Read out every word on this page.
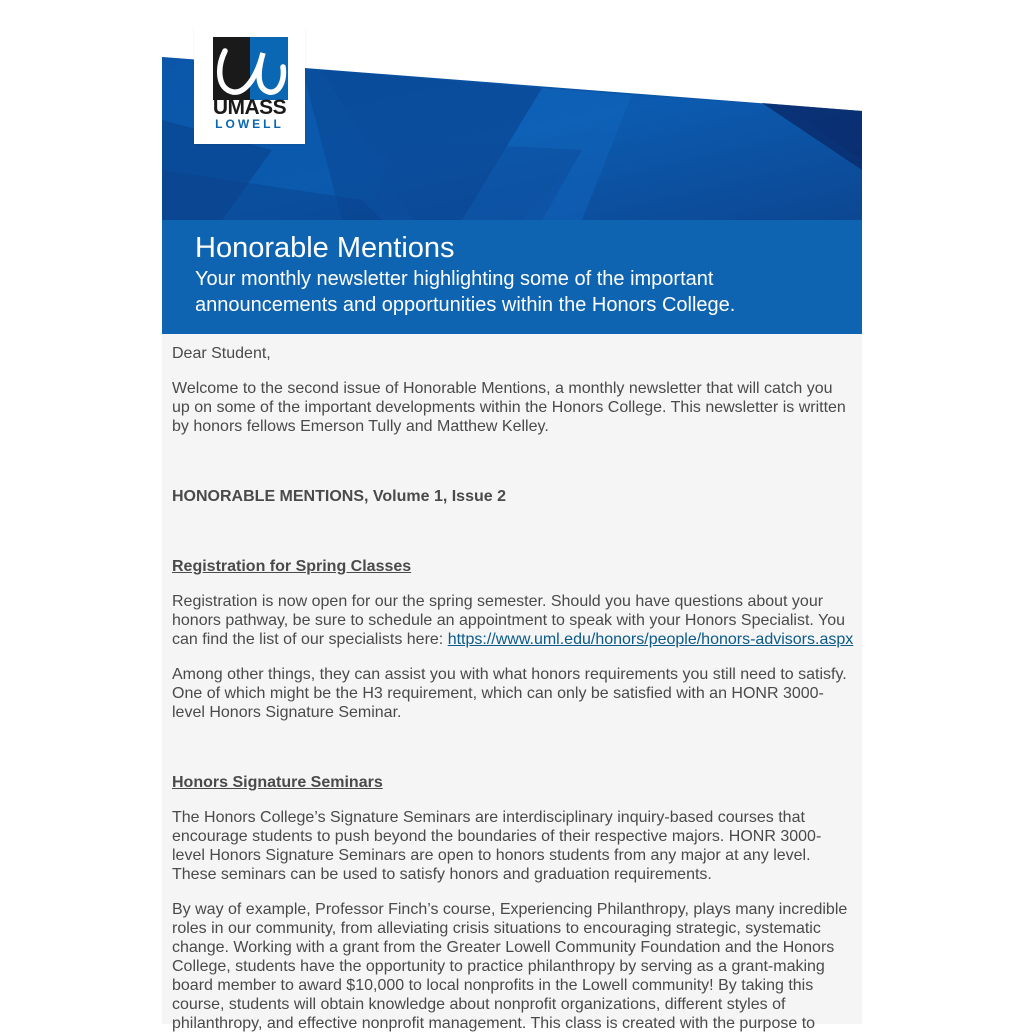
UMASS
LOWELL
Honorable Mentions
Your monthly newsletter highlighting some of the important announcements and opportunities within the Honors College.

Dear Student,

Welcome to the second issue of Honorable Mentions, a monthly newsletter that will catch you up on some of the important developments within the Honors College. This newsletter is written by honors fellows Emerson Tully and Matthew Kelley.

HONORABLE MENTIONS, Volume 1, Issue 2

Registration for Spring Classes

Registration is now open for our the spring semester. Should you have questions about your honors pathway, be sure to schedule an appointment to speak with your Honors Specialist. You can find the list of our specialists here: https://www.uml.edu/honors/people/honors-advisors.aspx

Among other things, they can assist you with what honors requirements you still need to satisfy. One of which might be the H3 requirement, which can only be satisfied with an HONR 3000-level Honors Signature Seminar.

Honors Signature Seminars

The Honors College’s Signature Seminars are interdisciplinary inquiry-based courses that encourage students to push beyond the boundaries of their respective majors. HONR 3000-level Honors Signature Seminars are open to honors students from any major at any level. These seminars can be used to satisfy honors and graduation requirements.

By way of example, Professor Finch’s course, Experiencing Philanthropy, plays many incredible roles in our community, from alleviating crisis situations to encouraging strategic, systematic change. Working with a grant from the Greater Lowell Community Foundation and the Honors College, students have the opportunity to practice philanthropy by serving as a grant-making board member to award $10,000 to local nonprofits in the Lowell community! By taking this course, students will obtain knowledge about nonprofit organizations, different styles of philanthropy, and effective nonprofit management. This class is created with the purpose to
